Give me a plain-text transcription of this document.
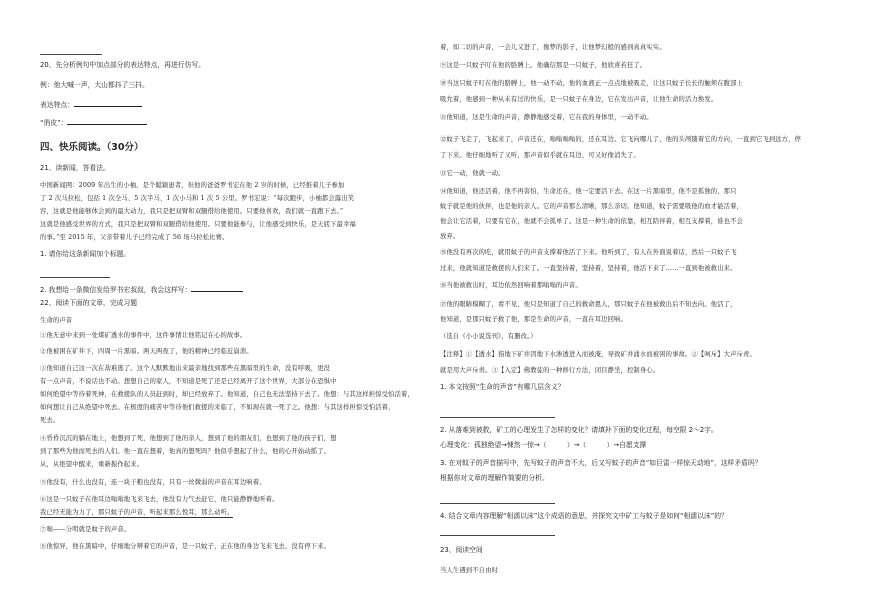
20、先分析例句中加点部分的表达特点，再进行仿写。
例：他大喊一声，大山都抖了三抖。
表达特点：
“俏皮”：
四、快乐阅读。（30分）
21、读新闻，答看法。
中国新闻网：2009 年出生的小柚，是个聪颖患者，但他的爸爸罗书宏在他 2 岁的时候，已经推着儿子参加
了 2 次马拉松，包括 1 次全马、5 次半马、1 次小马和 1 次 5 公里。罗书宏说：“每次跑步，小柚都会露出笑
容，这就是他能够体会到的最大动力，我只是把双臂和双腿借给他使用。只要他喜欢，我们就一直跑下去。”
这就是他感受世界的方式，我只是把双臂和双腿借给他使用。只要他能参与，让他感受到快乐，是天底下最幸福
的事。”至 2015 年，父亲带着儿子已经完成了 56 场马拉松比赛。
1. 请你给这条新闻加个标题。
2. 我想给一条微信发给罗书宏叔叔，我会这样写：
22、阅读下面的文章，完成习题
生命的声音
①他无意中来到一处煤矿透水的事件中，这件事情让他铭记在心的故事。
②他被困在矿井下，四周一片黑暗。两天两夜了，他的精神已经临近崩溃。
③他知道自己这一次在劫难逃了。这个人默默地出来最亲地找到那些在黑暗里的生命，没有呼吸，更没
有一点声音，不说话也不动。想想自己的家人，不知道是死了还是已经离开了这个世界，大部分在恐惧中
如何绝望中等待着死神，在救援队的人员赶到时，却已经放弃了。他知道，自己也无法坚持下去了。他想：与其这样担惊受怕活着，
如何想让自己从绝望中死去。在极度的痛苦中等待他们救援的来临了，不如现在就一死了之。他想：与其这样担惊受怕活着，
死去。
④昏昏沉沉的躺在地上，他想到了死，他想到了他的亲人，想到了他的朋友们，也想到了他的孩子们，想
到了那些为他而死去的人们。他一直在想着，他真的想死吗？他似乎想起了什么，他的心开始动摇了。
从，从绝望中醒来，重新振作起来。
⑤他没有，什么也没有，连一块干粮也没有，只有一丝微弱的声音在耳边响着。
⑥这是一只蚊子在他耳边嗡嗡地飞来飞去，他没有力气去赶它，他只能静静地听着。
我已经无能为力了，那只蚊子的声音，听起来那么悦耳，那么动听。
⑦嗡——分明就是蚊子的声音。
⑧他惊异，他在黑暗中，仔细地分辨着它的声音，是一只蚊子，正在他的身边飞来飞去，没有停下来。
着，如二切的声音，一会儿又进了，像梦的影子，让他梦幻般的感到真真实实。
⑨这是一只蚊子叮在他的胳膊上。他确信那是一只蚊子，他欣喜若狂了。
⑩当这只蚊子叮在他的胳膊上，他一动不动，他的血液正一点点地被吸走，让这只蚊子长长的触须在腹部上
吸允着，他感到一种从未有过的快乐，是一只蚊子在身边，它在发出声音，让他生命的活力焕发。
⑪他知道，这是生命的声音，静静地感受着，它在我的身体里，一动不动。
⑫蚊子飞走了，飞起来了，声音还在，嗡嗡嗡嗡的，还在耳边。它飞向哪儿了，他的头颅随着它的方向，一直到它飞到远方，停
了下来。他仔细地听了又听，那声音似乎就在耳边，可又好像消失了。
⑬它一动，他就一动。
⑭他知道，他还活着，他不再害怕，生命还在，他一定要活下去。在这一片黑暗里，他不是孤独的，那只
蚊子就是他的伙伴，也是他的亲人。它的声音那么清晰，那么亲切。他知道，蚊子需要吸他的血才能活着，
他会让它活着，只要有它在，他就不会孤单了。这是一种生命的依靠，相互陪伴着，相互支撑着，谁也不会
放弃。
⑮他没有再次的吃，就用蚊子的声音支撑着他活了下来。他听到了，有人在外面说着话，然后一只蚊子飞
过来，他就知道是救援的人们来了。一直坚持着，坚持着，坚持着，他活下来了……一直到他被救出来。
⑯当他被救出时，耳边依然回响着那嗡嗡的声音。
⑰他的眼睛模糊了，看不见，他只是知道了自己的救命恩人，那只蚊子在他被救出后不知去向。他活了，
他知道，是那只蚊子救了他，那是生命的声音，一直在耳边回响。
（选自《小小说选刊》，有删改。）
【注释】①【透水】指地下矿井因地下水渗透进入而被淹，导致矿井涌水而被困的事故。②【呵斥】大声斥责。
就是用大声斥责。③【入定】佛教徒的一种修行方法，闭目静坐，控制身心。
1. 本文按照“生命的声音”有哪几层含义？
2. 从落难到被救，矿工的心理发生了怎样的变化？请填补下面的变化过程，每空限 2～2字。
心理变化：孤独绝望→悚然一惊→（　　　）→（　　　）→自愿支撑
3. 在对蚊子的声音描写中，先写蚊子的声音不大，后又写蚊子的声音“如巨雷一样惊天动地”，这样矛盾吗？
根据你对文章的理解作简要的分析。
4. 结合文章内容理解“相濡以沫”这个成语的意思，并探究文中矿工与蚊子是如何“相濡以沫”的？
23、阅读空间
当人生遇到不自由时
